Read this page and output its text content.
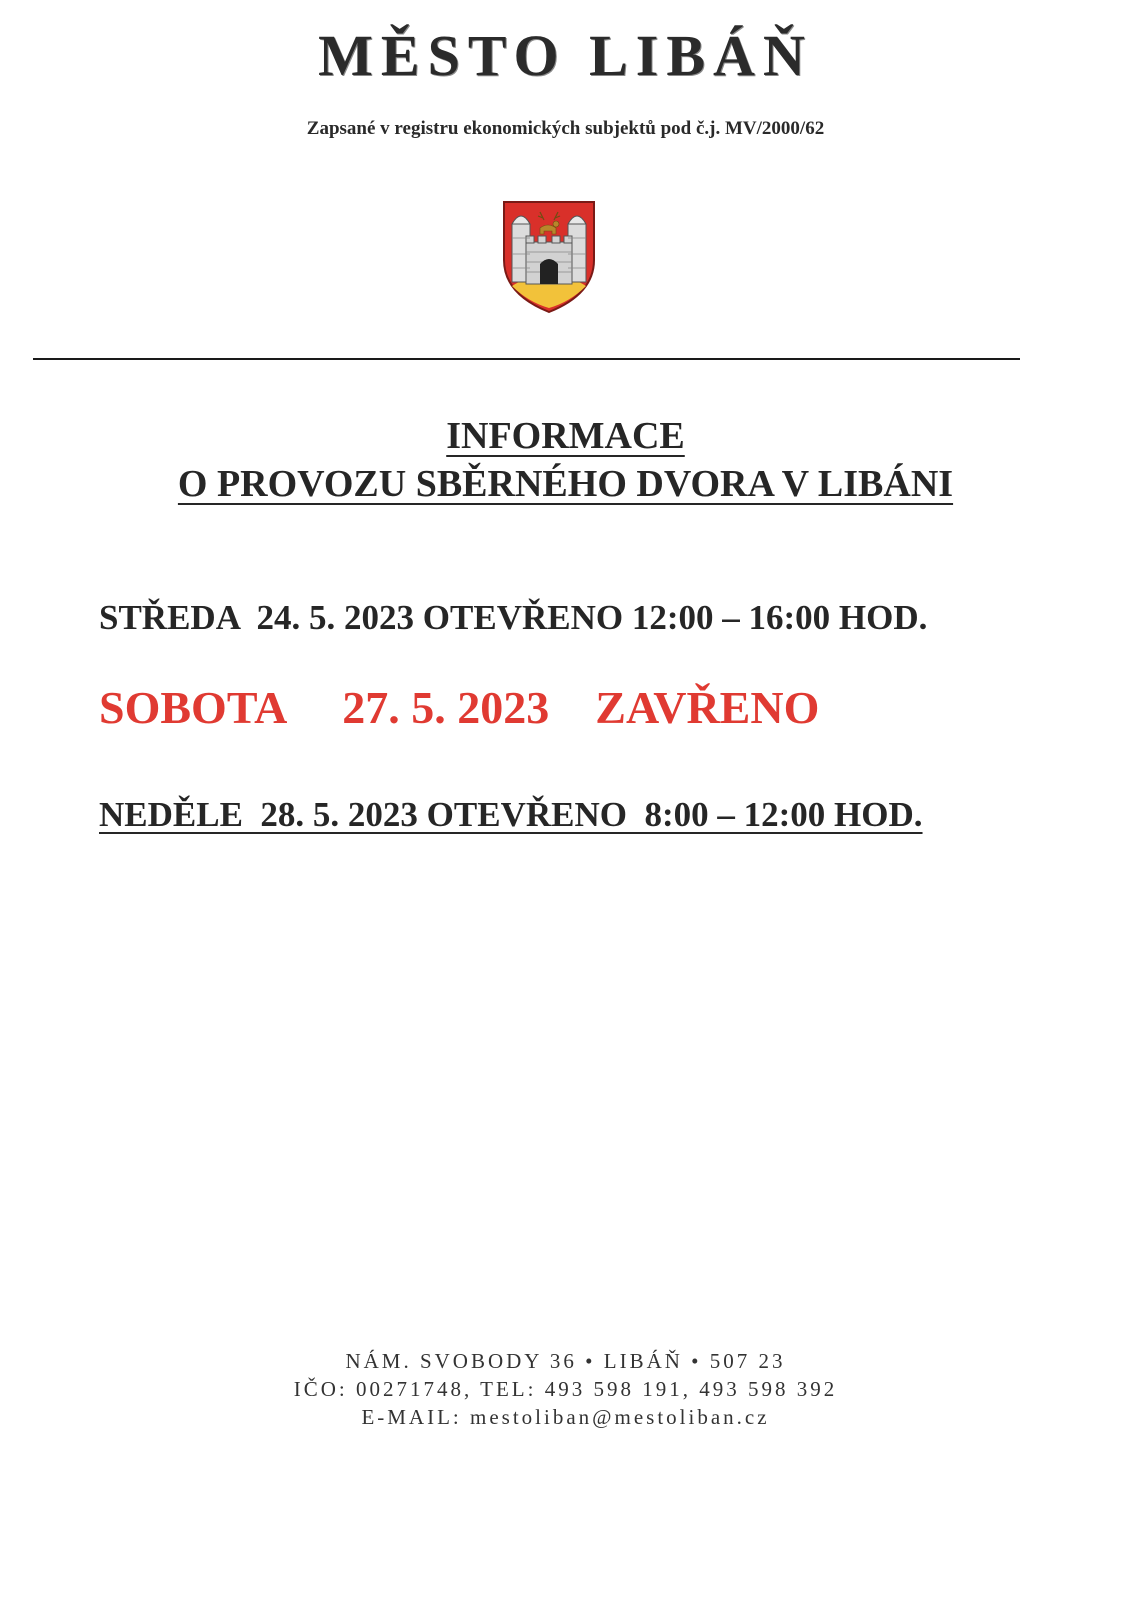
MĚSTO LIBÁŇ
Zapsané v registru ekonomických subjektů pod č.j. MV/2000/62
INFORMACE
O PROVOZU SBĚRNÉHO DVORA V LIBÁNI
STŘEDA  24. 5. 2023 OTEVŘENO 12:00 – 16:00 HOD.
SOBOTA     27. 5. 2023    ZAVŘENO
NEDĚLE  28. 5. 2023 OTEVŘENO  8:00 – 12:00 HOD.
NÁM. SVOBODY 36 • LIBÁŇ • 507 23
IČO: 00271748, TEL: 493 598 191, 493 598 392
E-MAIL: mestoliban@mestoliban.cz
